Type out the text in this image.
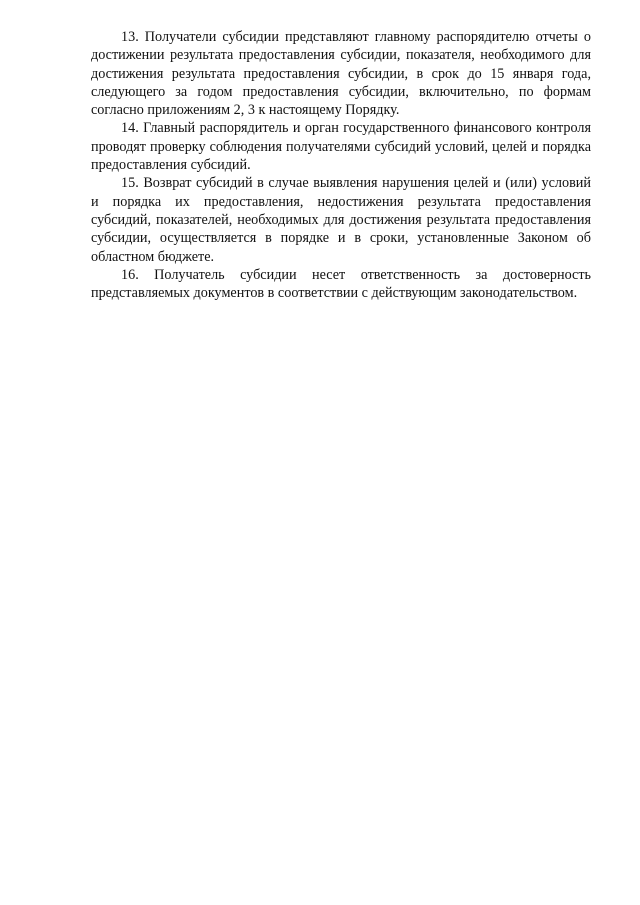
13. Получатели субсидии представляют главному распорядителю отчеты о достижении результата предоставления субсидии, показателя, необходимого для достижения результата предоставления субсидии, в срок до 15 января года, следующего за годом предоставления субсидии, включительно, по формам согласно приложениям 2, 3 к настоящему Порядку.

14. Главный распорядитель и орган государственного финансового контроля проводят проверку соблюдения получателями субсидий условий, целей и порядка предоставления субсидий.

15. Возврат субсидий в случае выявления нарушения целей и (или) условий и порядка их предоставления, недостижения результата предоставления субсидий, показателей, необходимых для достижения результата предоставления субсидии, осуществляется в порядке и в сроки, установленные Законом об областном бюджете.

16. Получатель субсидии несет ответственность за достоверность представляемых документов в соответствии с действующим законодательством.
